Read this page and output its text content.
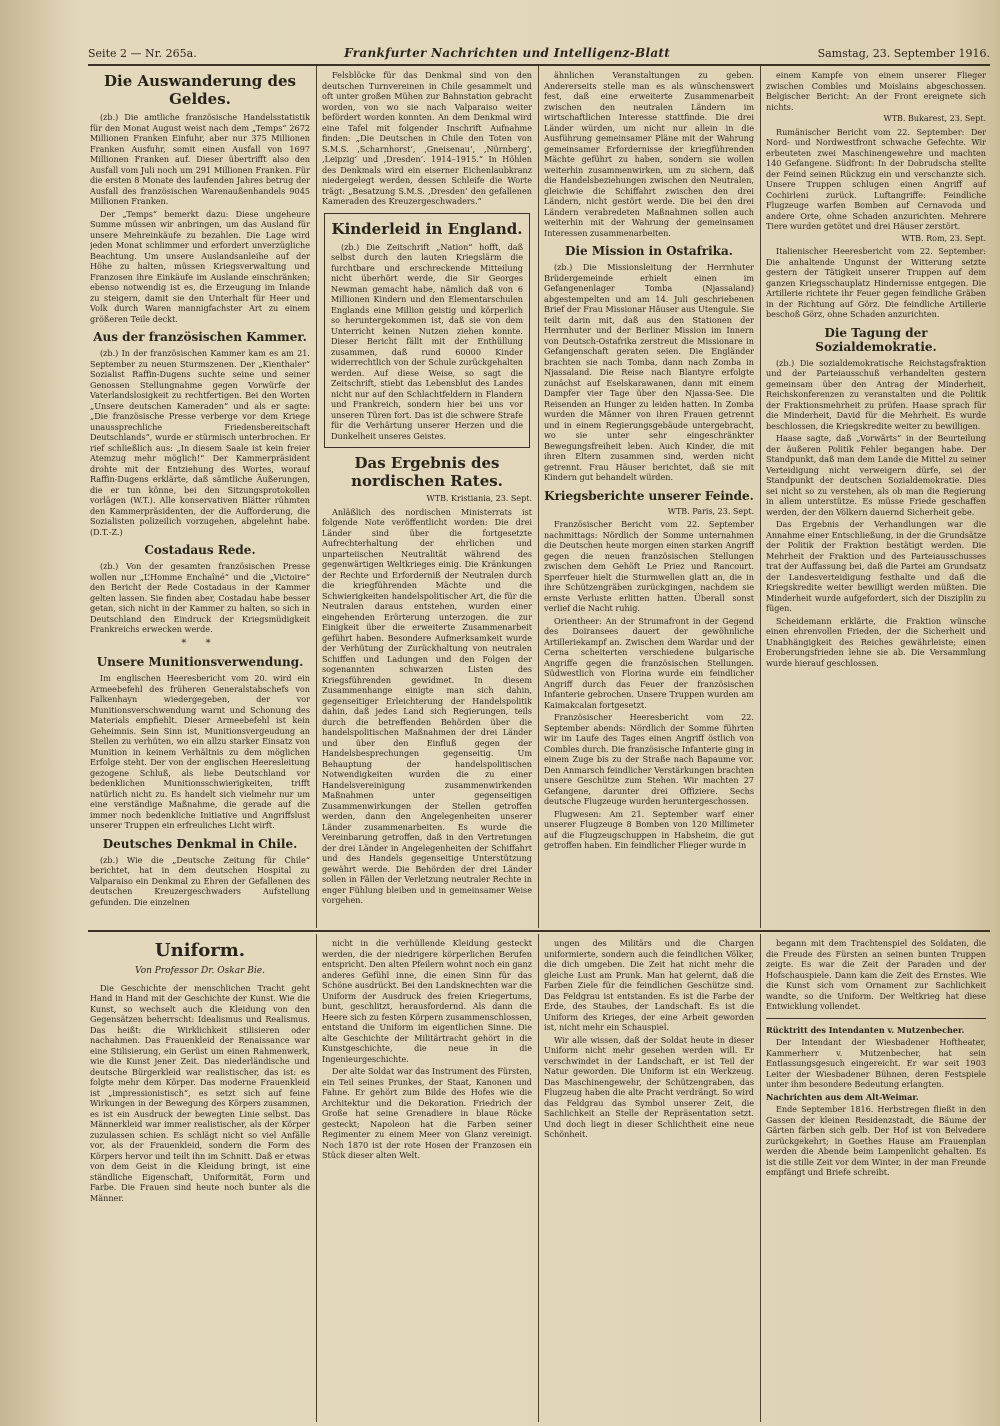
Seite 2 — Nr. 265a.	Frankfurter Nachrichten und Intelligenz-Blatt	Samstag, 23. September 1916.
Die Auswanderung des Geldes.

(zb.) Die amtliche französische Handelsstatistik für den Monat August weist nach dem „Temps“ 2672 Millionen Franken Einfuhr, aber nur 375 Millionen Franken Ausfuhr, somit einen Ausfall von 1697 Millionen Franken auf. Dieser übertrifft also den Ausfall vom Juli noch um 291 Millionen Franken. Für die ersten 8 Monate des laufenden Jahres betrug der Ausfall des französischen Warenaußenhandels 9045 Millionen Franken.

Der „Temps“ bemerkt dazu: Diese ungeheure Summe müssen wir anbringen, um das Ausland für unsere Mehreinkäufe zu bezahlen. Die Lage wird jeden Monat schlimmer und erfordert unverzügliche Beachtung. Um unsere Auslandsanleihe auf der Höhe zu halten, müssen Kriegsverwaltung und Franzosen ihre Einkäufe im Auslande einschränken; ebenso notwendig ist es, die Erzeugung im Inlande zu steigern, damit sie den Unterhalt für Heer und Volk durch Waren mannigfachster Art zu einem größeren Teile deckt.

Aus der französischen Kammer.

(zb.) In der französischen Kammer kam es am 21. September zu neuen Sturmszenen. Der „Kienthaler“ Sozialist Raffin-Dugens suchte seine und seiner Genossen Stellungnahme gegen Vorwürfe der Vaterlandslosigkeit zu rechtfertigen. Bei den Worten „Unsere deutschen Kameraden“ und als er sagte: „Die französische Presse verberge vor dem Kriege unaussprechliche Friedensbereitschaft Deutschlands“, wurde er stürmisch unterbrochen. Er rief schließlich aus: „In diesem Saale ist kein freier Atemzug mehr möglich!“ Der Kammerpräsident drohte mit der Entziehung des Wortes, worauf Raffin-Dugens erklärte, daß sämtliche Äußerungen, die er tun könne, bei den Sitzungsprotokollen vorlägen (W.T.). Alle konservativen Blätter rühmten den Kammerpräsidenten, der die Aufforderung, die Sozialisten polizeilich vorzugehen, abgelehnt habe. (D.T.-Z.)

Costadaus Rede.

(zb.) Von der gesamten französischen Presse wollen nur „L’Homme Enchaîné“ und die „Victoire“ den Bericht der Rede Costadaus in der Kammer gelten lassen. Sie finden aber, Costadau habe besser getan, sich nicht in der Kammer zu halten, so sich in Deutschland den Eindruck der Kriegsmüdigkeit Frankreichs erwecken werde.

* *
Unsere Munitionsverwendung.

Im englischen Heeresbericht vom 20. wird ein Armeebefehl des früheren Generalstabschefs von Falkenhayn wiedergegeben, der vor Munitionsverschwendung warnt und Schonung des Materials empfiehlt. Dieser Armeebefehl ist kein Geheimnis. Sein Sinn ist, Munitionsvergeudung an Stellen zu verhüten, wo ein allzu starker Einsatz von Munition in keinem Verhältnis zu dem möglichen Erfolge steht. Der von der englischen Heeresleitung gezogene Schluß, als liebe Deutschland vor bedenklichen Munitionsschwierigkeiten, trifft natürlich nicht zu. Es handelt sich vielmehr nur um eine verständige Maßnahme, die gerade auf die immer noch bedenkliche Initiative und Angriffslust unserer Truppen ein erfreuliches Licht wirft.

Deutsches Denkmal in Chile.

(zb.) Wie die „Deutsche Zeitung für Chile“ berichtet, hat in dem deutschen Hospital zu Valparaiso ein Denkmal zu Ehren der Gefallenen des deutschen Kreuzergeschwaders Aufstellung gefunden. Die einzelnen

Felsblöcke für das Denkmal sind von den deutschen Turnvereinen in Chile gesammelt und oft unter großen Mühen zur Bahnstation gebracht worden, von wo sie nach Valparaiso weiter befördert worden konnten. An dem Denkmal wird eine Tafel mit folgender Inschrift Aufnahme finden: „Die Deutschen in Chile den Toten von S.M.S. ‚Scharnhorst‘, ‚Gneisenau‘, ‚Nürnberg‘, ‚Leipzig‘ und ‚Dresden‘. 1914–1915.“ In Höhlen des Denkmals wird ein eiserner Eichenlaubkranz niedergelegt werden, dessen Schleife die Worte trägt: „Besatzung S.M.S. ‚Dresden‘ den gefallenen Kameraden des Kreuzergeschwaders.“

Kinderleid in England.

(zb.) Die Zeitschrift „Nation“ hofft, daß selbst durch den lauten Kriegslärm die furchtbare und erschreckende Mitteilung nicht überhört werde, die Sir Georges Newman gemacht habe, nämlich daß von 6 Millionen Kindern und den Elementarschulen Englands eine Million geistig und körperlich so heruntergekommen ist, daß sie von dem Unterricht keinen Nutzen ziehen konnte. Dieser Bericht fällt mit der Enthüllung zusammen, daß rund 60000 Kinder widerrechtlich von der Schule zurückgehalten werden. Auf diese Weise, so sagt die Zeitschrift, stiebt das Lebensblut des Landes nicht nur auf den Schlachtfeldern in Flandern und Frankreich, sondern hier bei uns vor unseren Türen fort. Das ist die schwere Strafe für die Verhärtung unserer Herzen und die Dunkelheit unseres Geistes.

Das Ergebnis des nordischen Rates.
WTB. Kristiania, 23. Sept.

Anläßlich des nordischen Ministerrats ist folgende Note veröffentlicht worden: Die drei Länder sind über die fortgesetzte Aufrechterhaltung der ehrlichen und unparteiischen Neutralität während des gegenwärtigen Weltkrieges einig. Die Kränkungen der Rechte und Erforderniß der Neutralen durch die kriegführenden Mächte und die Schwierigkeiten handelspolitischer Art, die für die Neutralen daraus entstehen, wurden einer eingehenden Erörterung unterzogen. die zur Einigkeit über die erweiterte Zusammenarbeit geführt haben. Besondere Aufmerksamkeit wurde der Verhütung der Zurückhaltung von neutralen Schiffen und Ladungen und den Folgen der sogenannten schwarzen Listen des Kriegsführenden gewidmet. In diesem Zusammenhange einigte man sich dahin, gegenseitiger Erleichterung der Handelspolitik dahin, daß jedes Land sich Regierungen, teils durch die betreffenden Behörden über die handelspolitischen Maßnahmen der drei Länder und über den Einfluß gegen der Handelsbesprechungen gegenseitig. Um Behauptung der handelspolitischen Notwendigkeiten wurden die zu einer Handelsvereinigung zusammenwirkenden Maßnahmen unter gegenseitigen Zusammenwirkungen der Stellen getroffen werden, dann den Angelegenheiten unserer Länder zusammenarbeiten. Es wurde die Vereinbarung getroffen, daß in den Vertretungen der drei Länder in Angelegenheiten der Schiffahrt und des Handels gegenseitige Unterstützung gewährt werde. Die Behörden der drei Länder sollen in Fällen der Verletzung neutraler Rechte in enger Fühlung bleiben und in gemeinsamer Weise vorgehen.

ähnlichen Veranstaltungen zu geben. Andererseits stelle man es als wünschenswert fest, daß eine erweiterte Zusammenarbeit zwischen den neutralen Ländern im wirtschaftlichen Interesse stattfinde. Die drei Länder würden, um nicht nur allein in die Ausführung gemeinsamer Pläne mit der Wahrung gemeinsamer Erfordernisse der kriegführenden Mächte geführt zu haben, sondern sie wollen weiterhin zusammenwirken, um zu sichern, daß die Handelsbeziehungen zwischen den Neutralen, gleichwie die Schiffahrt zwischen den drei Ländern, nicht gestört werde. Die bei den drei Ländern verabredeten Maßnahmen sollen auch weiterhin mit der Wahrung der gemeinsamen Interessen zusammenarbeiten.

Die Mission in Ostafrika.

(zb.) Die Missionsleitung der Herrnhuter Brüdergemeinde erhielt einen im Gefangenenlager Tomba (Njassaland) abgestempelten und am 14. Juli geschriebenen Brief der Frau Missionar Häuser aus Utengule. Sie teilt darin mit, daß aus den Stationen der Herrnhuter und der Berliner Mission im Innern von Deutsch-Ostafrika zerstreut die Missionare in Gefangenschaft geraten seien. Die Engländer brachten sie nach Tomba, dann nach Zomba in Njassaland. Die Reise nach Blantyre erfolgte zunächst auf Eselskarawanen, dann mit einem Dampfer vier Tage über den Njassa-See. Die Reisenden an Hunger zu leiden hatten. In Zomba wurden die Männer von ihren Frauen getrennt und in einem Regierungsgebäude untergebracht, wo sie unter sehr eingeschränkter Bewegungsfreiheit leben. Auch Kinder, die mit ihren Eltern zusammen sind, werden nicht getrennt. Frau Häuser berichtet, daß sie mit Kindern gut behandelt würden.

Kriegsberichte unserer Feinde.
WTB. Paris, 23. Sept.

Französischer Bericht vom 22. September nachmittags: Nördlich der Somme unternahmen die Deutschen heute morgen einen starken Angriff gegen die neuen französischen Stellungen zwischen dem Gehöft Le Priez und Rancourt. Sperrfeuer hielt die Sturmwellen glatt an, die in ihre Schützengräben zurückgingen, nachdem sie ernste Verluste erlitten hatten. Überall sonst verlief die Nacht ruhig.

Orientheer: An der Strumafront in der Gegend des Doiransees dauert der gewöhnliche Artilleriekampf an. Zwischen dem Wardar und der Cerna scheiterten verschiedene bulgarische Angriffe gegen die französischen Stellungen. Südwestlich von Florina wurde ein feindlicher Angriff durch das Feuer der französischen Infanterie gebrochen. Unsere Truppen wurden am Kaimakcalan fortgesetzt.

Französischer Heeresbericht vom 22. September abends: Nördlich der Somme führten wir im Laufe des Tages einen Angriff östlich von Combles durch. Die französische Infanterie ging in einem Zuge bis zu der Straße nach Bapaume vor. Den Anmarsch feindlicher Verstärkungen brachten unsere Geschütze zum Stehen. Wir machten 27 Gefangene, darunter drei Offiziere. Sechs deutsche Flugzeuge wurden heruntergeschossen.

Flugwesen: Am 21. September warf einer unserer Flugzeuge 8 Bomben von 120 Millimeter auf die Flugzeugschuppen in Habsheim, die gut getroffen haben. Ein feindlicher Flieger wurde in

einem Kampfe von einem unserer Flieger zwischen Combles und Moislains abgeschossen. Belgischer Bericht: An der Front ereignete sich nichts.

WTB. Bukarest, 23. Sept.

Rumänischer Bericht vom 22. September: Der Nord- und Nordwestfront schwache Gefechte. Wir erbeuteten zwei Maschinengewehre und machten 140 Gefangene. Südfront: In der Dobrudscha stellte der Feind seinen Rückzug ein und verschanzte sich. Unsere Truppen schlugen einen Angriff auf Cochirleni zurück. Luftangriffe: Feindliche Flugzeuge warfen Bomben auf Cernavoda und andere Orte, ohne Schaden anzurichten. Mehrere Tiere wurden getötet und drei Häuser zerstört.

WTB. Rom, 23. Sept.

Italienischer Heeresbericht vom 22. September: Die anhaltende Ungunst der Witterung setzte gestern der Tätigkeit unserer Truppen auf dem ganzen Kriegsschauplatz Hindernisse entgegen. Die Artillerie richtete ihr Feuer gegen feindliche Gräben in der Richtung auf Görz. Die feindliche Artillerie beschoß Görz, ohne Schaden anzurichten.

Die Tagung der Sozialdemokratie.

(zb.) Die sozialdemokratische Reichstagsfraktion und der Parteiausschuß verhandelten gestern gemeinsam über den Antrag der Minderheit, Reichskonferenzen zu veranstalten und die Politik der Fraktionsmehrheit zu prüfen. Haase sprach für die Minderheit, David für die Mehrheit. Es wurde beschlossen, die Kriegskredite weiter zu bewilligen.

Haase sagte, daß „Vorwärts“ in der Beurteilung der äußeren Politik Fehler begangen habe. Der Standpunkt, daß man dem Lande die Mittel zu seiner Verteidigung nicht verweigern dürfe, sei der Standpunkt der deutschen Sozialdemokratie. Dies sei nicht so zu verstehen, als ob man die Regierung in allem unterstütze. Es müsse Friede geschaffen werden, der den Völkern dauernd Sicherheit gebe.

Das Ergebnis der Verhandlungen war die Annahme einer Entschließung, in der die Grundsätze der Politik der Fraktion bestätigt werden. Die Mehrheit der Fraktion und des Parteiausschusses trat der Auffassung bei, daß die Partei am Grundsatz der Landesverteidigung festhalte und daß die Kriegskredite weiter bewilligt werden müßten. Die Minderheit wurde aufgefordert, sich der Disziplin zu fügen.

Scheidemann erklärte, die Fraktion wünsche einen ehrenvollen Frieden, der die Sicherheit und Unabhängigkeit des Reiches gewährleiste; einen Eroberungsfrieden lehne sie ab. Die Versammlung wurde hierauf geschlossen.

Uniform.
Von Professor Dr. Oskar Bie.

Die Geschichte der menschlichen Tracht geht Hand in Hand mit der Geschichte der Kunst. Wie die Kunst, so wechselt auch die Kleidung von den Gegensätzen beherrscht: Idealismus und Realismus. Das heißt: die Wirklichkeit stilisieren oder nachahmen. Das Frauenkleid der Renaissance war eine Stilisierung, ein Gerüst um einen Rahmenwerk, wie die Kunst jener Zeit. Das niederländische und deutsche Bürgerkleid war realistischer, das ist: es folgte mehr dem Körper. Das moderne Frauenkleid ist „impressionistisch“, es setzt sich auf feine Wirkungen in der Bewegung des Körpers zusammen, es ist ein Ausdruck der bewegten Linie selbst. Das Männerkleid war immer realistischer, als der Körper zuzulassen schien. Es schlägt nicht so viel Anfälle vor, als der Frauenkleid, sondern die Form des Körpers hervor und teilt ihn im Schnitt. Daß er etwas von dem Geist in die Kleidung bringt, ist eine ständliche Eigenschaft, Uniformität, Form und Farbe. Die Frauen sind heute noch bunter als die Männer.

nicht in die verhüllende Kleidung gesteckt werden, die der niedrigere körperlichen Berufen entspricht. Den alten Pfeilern wohnt noch ein ganz anderes Gefühl inne, die einen Sinn für das Schöne ausdrückt. Bei den Landsknechten war die Uniform der Ausdruck des freien Kriegertums, bunt, geschlitzt, herausfordernd. Als dann die Heere sich zu festen Körpern zusammenschlossen, entstand die Uniform im eigentlichen Sinne. Die alte Geschichte der Militärtracht gehört in die Kunstgeschichte, die neue in die Ingenieurgeschichte.

Der alte Soldat war das Instrument des Fürsten, ein Teil seines Prunkes, der Staat, Kanonen und Fahne. Er gehört zum Bilde des Hofes wie die Architektur und die Dekoration. Friedrich der Große hat seine Grenadiere in blaue Röcke gesteckt; Napoleon hat die Farben seiner Regimenter zu einem Meer von Glanz vereinigt. Noch 1870 ist der rote Hosen der Franzosen ein Stück dieser alten Welt.

ungen des Militärs und die Chargen uniformierte, sondern auch die feindlichen Völker, die dich umgeben. Die Zeit hat nicht mehr die gleiche Lust am Prunk. Man hat gelernt, daß die Farben Ziele für die feindlichen Geschütze sind. Das Feldgrau ist entstanden. Es ist die Farbe der Erde, des Staubes, der Landschaft. Es ist die Uniform des Krieges, der eine Arbeit geworden ist, nicht mehr ein Schauspiel.

Wir alle wissen, daß der Soldat heute in dieser Uniform nicht mehr gesehen werden will. Er verschwindet in der Landschaft, er ist Teil der Natur geworden. Die Uniform ist ein Werkzeug. Das Maschinengewehr, der Schützengraben, das Flugzeug haben die alte Pracht verdrängt. So wird das Feldgrau das Symbol unserer Zeit, die Sachlichkeit an Stelle der Repräsentation setzt. Und doch liegt in dieser Schlichtheit eine neue Schönheit.

begann mit dem Trachtenspiel des Soldaten, die die Freude des Fürsten an seinen bunten Truppen zeigte. Es war die Zeit der Paraden und der Hofschauspiele. Dann kam die Zeit des Ernstes. Wie die Kunst sich vom Ornament zur Sachlichkeit wandte, so die Uniform. Der Weltkrieg hat diese Entwicklung vollendet.

Rücktritt des Intendanten v. Mutzenbecher.

Der Intendant der Wiesbadener Hoftheater, Kammerherr v. Mutzenbecher, hat sein Entlassungsgesuch eingereicht. Er war seit 1903 Leiter der Wiesbadener Bühnen, deren Festspiele unter ihm besondere Bedeutung erlangten.

Nachrichten aus dem Alt-Weimar.

Ende September 1816. Herbstregen fließt in den Gassen der kleinen Residenzstadt, die Bäume der Gärten färben sich gelb. Der Hof ist von Belvedere zurückgekehrt; in Goethes Hause am Frauenplan werden die Abende beim Lampenlicht gehalten. Es ist die stille Zeit vor dem Winter, in der man Freunde empfängt und Briefe schreibt.
